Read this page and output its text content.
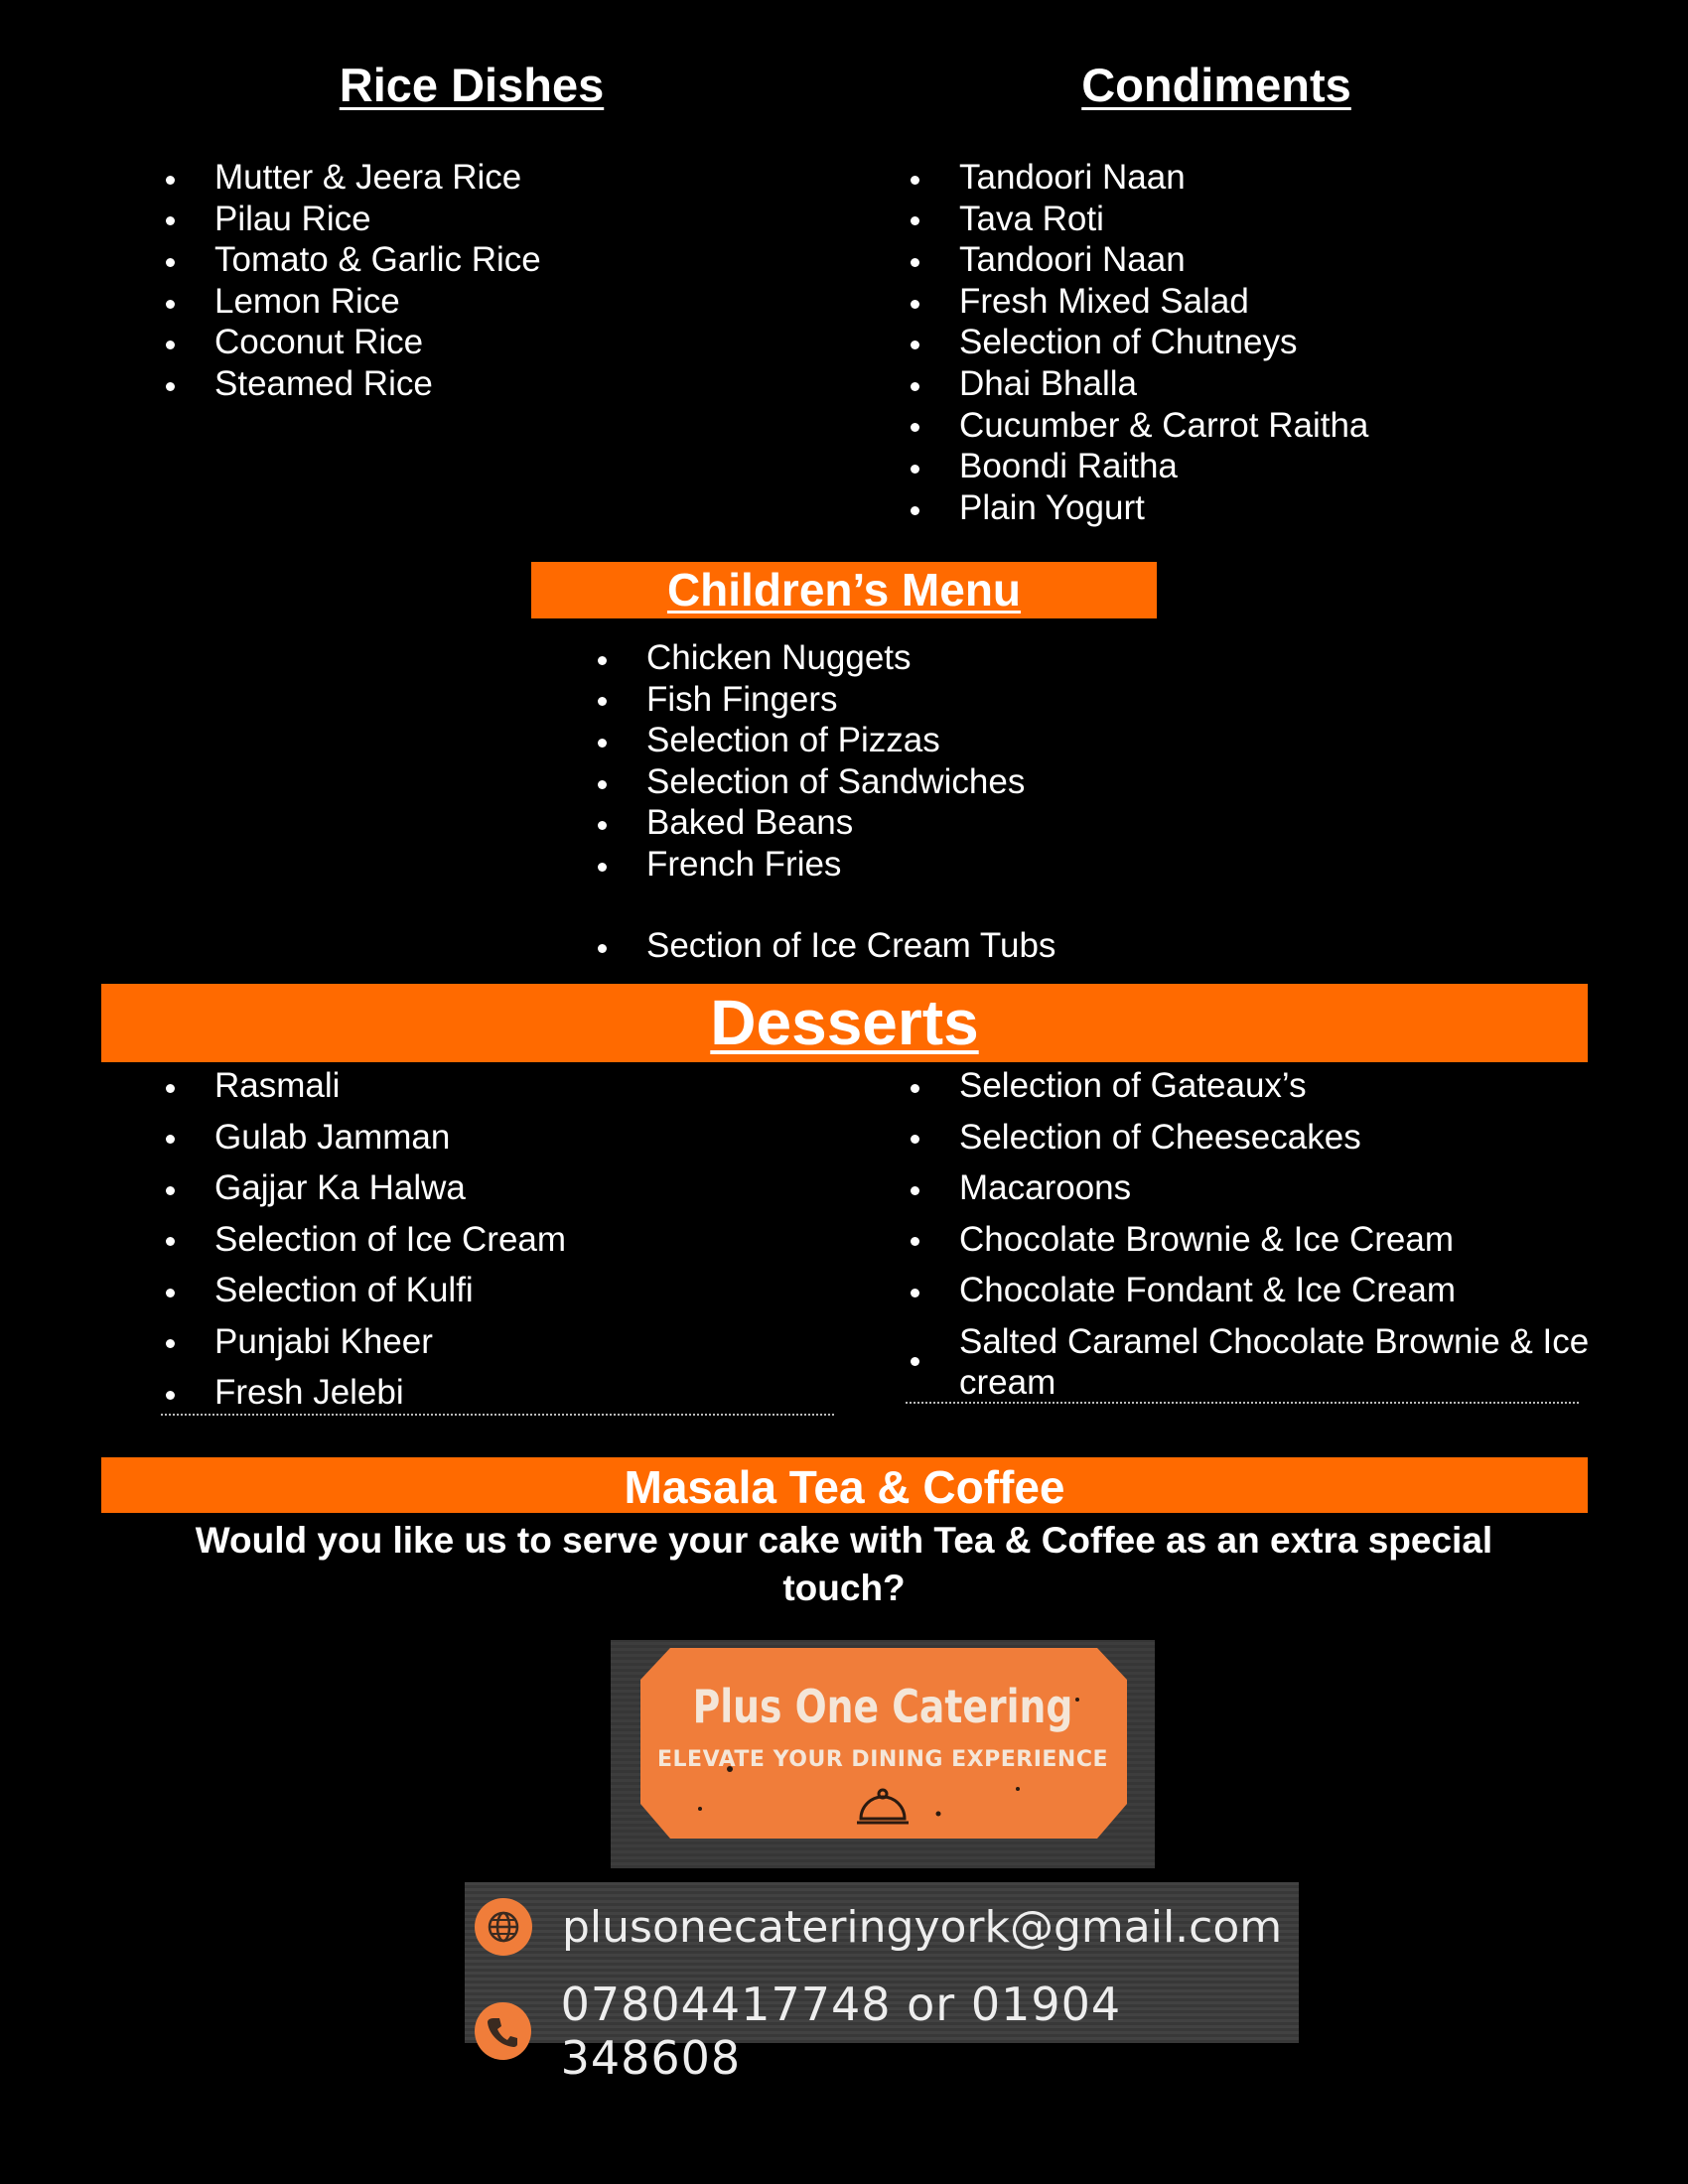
Rice Dishes
Mutter & Jeera Rice
Pilau Rice
Tomato & Garlic Rice
Lemon Rice
Coconut Rice
Steamed Rice
Condiments
Tandoori Naan
Tava Roti
Tandoori Naan
Fresh Mixed Salad
Selection of Chutneys
Dhai Bhalla
Cucumber & Carrot Raitha
Boondi Raitha
Plain Yogurt
Children’s Menu
Chicken Nuggets
Fish Fingers
Selection of Pizzas
Selection of Sandwiches
Baked Beans
French Fries
Section of Ice Cream Tubs
Desserts
Rasmali
Gulab Jamman
Gajjar Ka Halwa
Selection of Ice Cream
Selection of Kulfi
Punjabi Kheer
Fresh Jelebi
Selection of Gateaux’s
Selection of Cheesecakes
Macaroons
Chocolate Brownie & Ice Cream
Chocolate Fondant & Ice Cream
Salted Caramel Chocolate Brownie & Ice cream
Masala Tea & Coffee
Would you like us to serve your cake with Tea & Coffee as an extra special touch?
Plus One Catering
ELEVATE YOUR DINING EXPERIENCE
plusonecateringyork@gmail.com
07804417748 or 01904 348608
